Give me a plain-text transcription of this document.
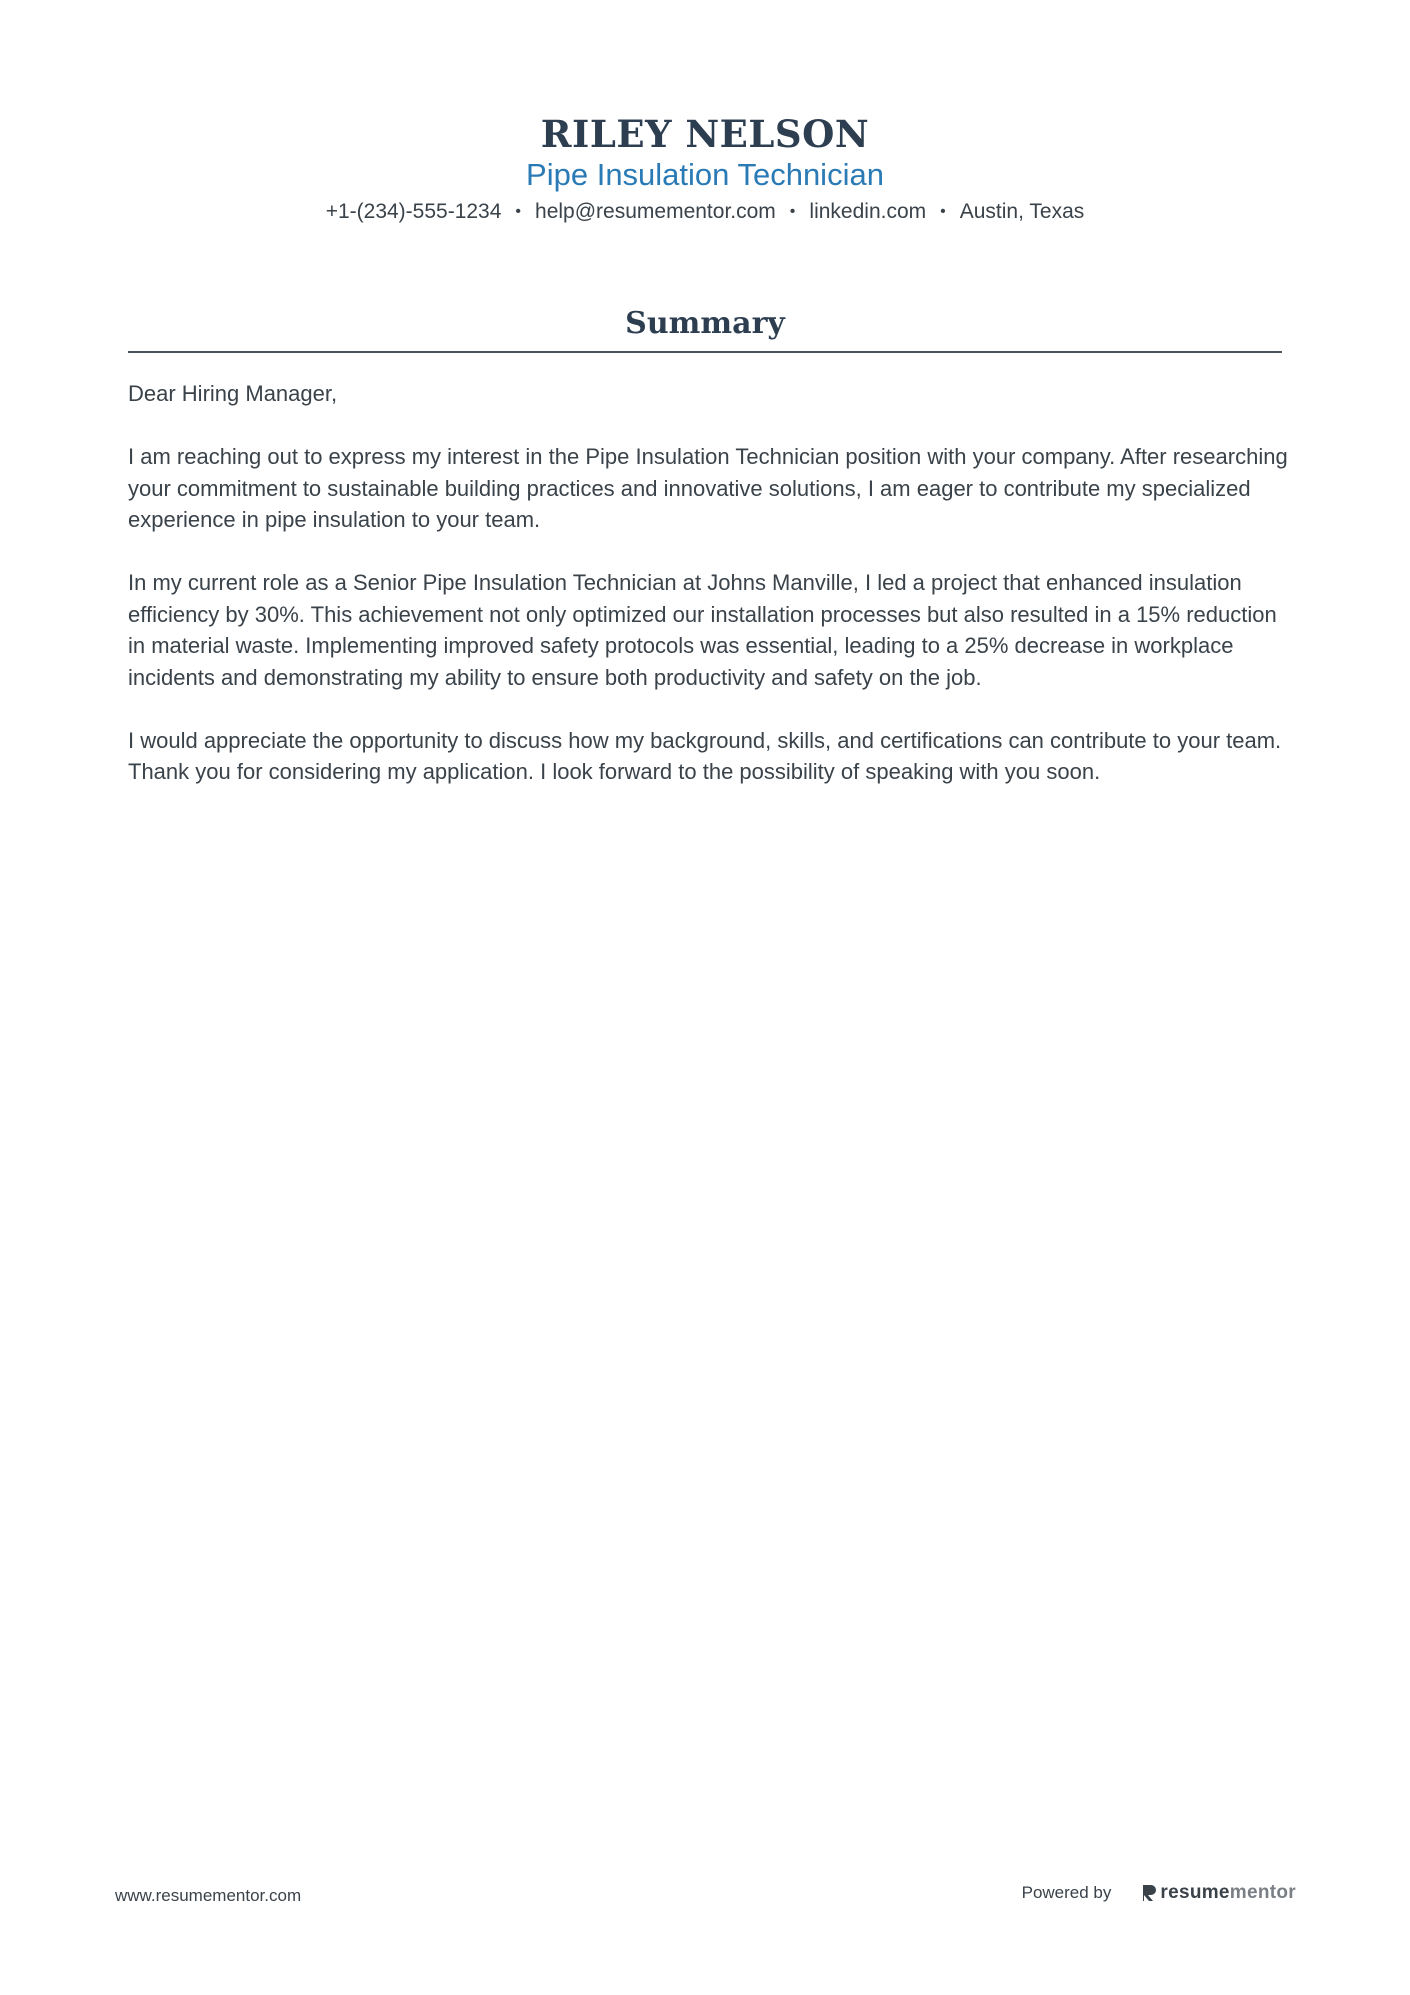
RILEY NELSON
Pipe Insulation Technician
+1-(234)-555-1234 • help@resumementor.com • linkedin.com • Austin, Texas
Summary

Dear Hiring Manager,

I am reaching out to express my interest in the Pipe Insulation Technician position with your company. After researching your commitment to sustainable building practices and innovative solutions, I am eager to contribute my specialized experience in pipe insulation to your team.

In my current role as a Senior Pipe Insulation Technician at Johns Manville, I led a project that enhanced insulation efficiency by 30%. This achievement not only optimized our installation processes but also resulted in a 15% reduction in material waste. Implementing improved safety protocols was essential, leading to a 25% decrease in workplace incidents and demonstrating my ability to ensure both productivity and safety on the job.

I would appreciate the opportunity to discuss how my background, skills, and certifications can contribute to your team. Thank you for considering my application. I look forward to the possibility of speaking with you soon.

www.resumementor.com	Powered by	resume mentor
